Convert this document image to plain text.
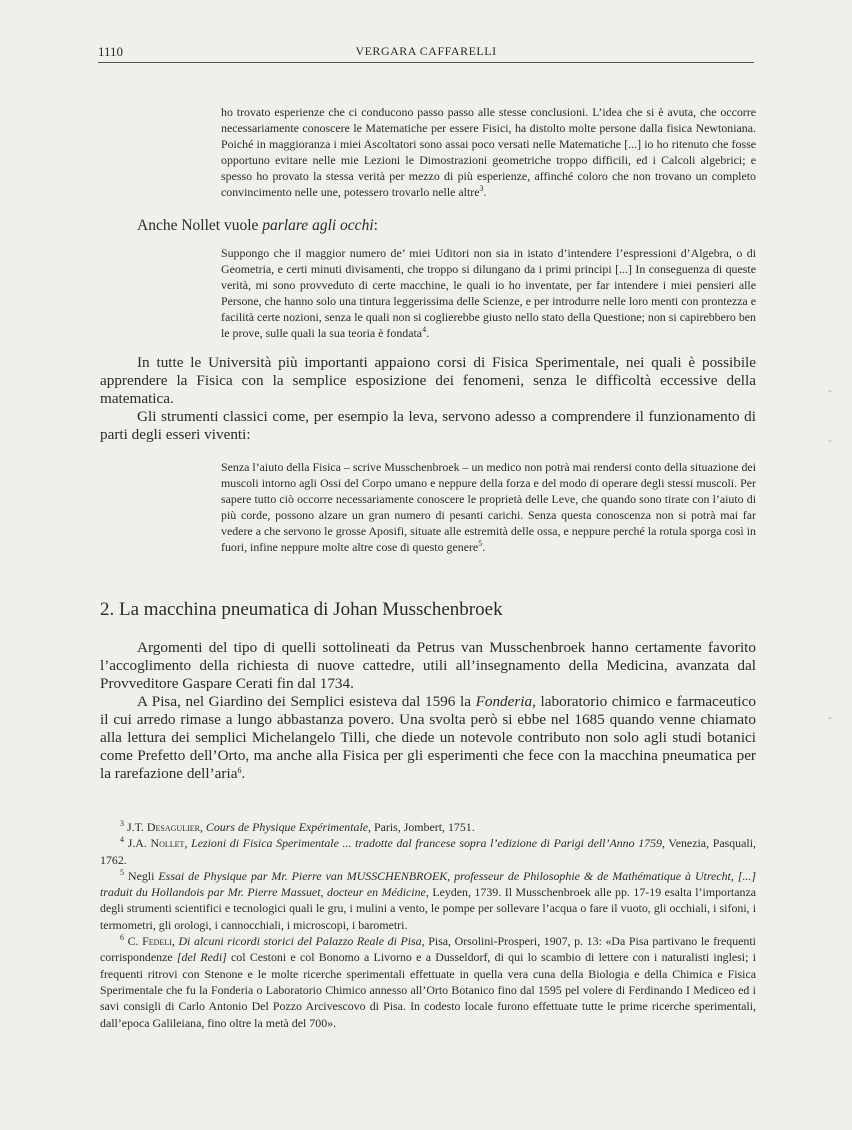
1110	VERGARA CAFFARELLI

ho trovato esperienze che ci conducono passo passo alle stesse conclusioni. L’idea che si è avuta, che occorre necessariamente conoscere le Matematiche per essere Fisici, ha distolto molte persone dalla fisica Newtoniana. Poiché in maggioranza i miei Ascoltatori sono assai poco versati nelle Matematiche [...] io ho ritenuto che fosse opportuno evitare nelle mie Lezioni le Dimostrazioni geometriche troppo difficili, ed i Calcoli algebrici; e spesso ho provato la stessa verità per mezzo di più esperienze, affinché coloro che non trovano un completo convincimento nelle une, potessero trovarlo nelle altre$^3$.

Anche Nollet vuole parlare agli occhi:

Suppongo che il maggior numero de’ miei Uditori non sia in istato d’intendere l’espressioni d’Algebra, o di Geometria, e certi minuti divisamenti, che troppo si dilungano da i primi principi [...] In conseguenza di queste verità, mi sono provveduto di certe macchine, le quali io ho inventate, per far intendere i miei pensieri alle Persone, che hanno solo una tintura leggerissima delle Scienze, e per introdurre nelle loro menti con prontezza e facilità certe nozioni, senza le quali non si coglierebbe giusto nello stato della Questione; non si capirebbero ben le prove, sulle quali la sua teoria è fondata$^4$.

In tutte le Università più importanti appaiono corsi di Fisica Sperimentale, nei quali è possibile apprendere la Fisica con la semplice esposizione dei fenomeni, senza le difficoltà eccessive della matematica.

Gli strumenti classici come, per esempio la leva, servono adesso a comprendere il funzionamento di parti degli esseri viventi:

Senza l’aiuto della Fisica – scrive Musschenbroek – un medico non potrà mai rendersi conto della situazione dei muscoli intorno agli Ossi del Corpo umano e neppure della forza e del modo di operare degli stessi muscoli. Per sapere tutto ciò occorre necessariamente conoscere le proprietà delle Leve, che quando sono tirate con l’aiuto di più corde, possono alzare un gran numero di pesanti carichi. Senza questa conoscenza non si potrà mai far vedere a che servono le grosse Aposifi, situate alle estremità delle ossa, e neppure perché la rotula sporga così in fuori, infine neppure molte altre cose di questo genere$^5$.

2. La macchina pneumatica di Johan Musschenbroek

Argomenti del tipo di quelli sottolineati da Petrus van Musschenbroek hanno certamente favorito l’accoglimento della richiesta di nuove cattedre, utili all’insegnamento della Medicina, avanzata dal Provveditore Gaspare Cerati fin dal 1734.

A Pisa, nel Giardino dei Semplici esisteva dal 1596 la Fonderia, laboratorio chimico e farmaceutico il cui arredo rimase a lungo abbastanza povero. Una svolta però si ebbe nel 1685 quando venne chiamato alla lettura dei semplici Michelangelo Tilli, che diede un notevole contributo non solo agli studi botanici come Prefetto dell’Orto, ma anche alla Fisica per gli esperimenti che fece con la macchina pneumatica per la rarefazione dell’aria$^6$.

$^3$ J.T. Desagulier, Cours de Physique Expérimentale, Paris, Jombert, 1751.

$^4$ J.A. Nollet, Lezioni di Fisica Sperimentale ... tradotte dal francese sopra l’edizione di Parigi dell’Anno 1759, Venezia, Pasquali, 1762.

$^5$ Negli Essai de Physique par Mr. Pierre van MUSSCHENBROEK, professeur de Philosophie & de Mathématique à Utrecht, [...] traduit du Hollandois par Mr. Pierre Massuet, docteur en Médicine, Leyden, 1739. Il Musschenbroek alle pp. 17-19 esalta l’importanza degli strumenti scientifici e tecnologici quali le gru, i mulini a vento, le pompe per sollevare l’acqua o fare il vuoto, gli occhiali, i sifoni, i termometri, gli orologi, i cannocchiali, i microscopi, i barometri.

$^6$ C. Fedeli, Di alcuni ricordi storici del Palazzo Reale di Pisa, Pisa, Orsolini-Prosperi, 1907, p. 13: «Da Pisa partivano le frequenti corrispondenze [del Redi] col Cestoni e col Bonomo a Livorno e a Dusseldorf, di qui lo scambio di lettere con i naturalisti inglesi; i frequenti ritrovi con Stenone e le molte ricerche sperimentali effettuate in quella vera cuna della Biologia e della Chimica e Fisica Sperimentale che fu la Fonderia o Laboratorio Chimico annesso all’Orto Botanico fino dal 1595 pel volere di Ferdinando I Mediceo ed i savi consigli di Carlo Antonio Del Pozzo Arcivescovo di Pisa. In codesto locale furono effettuate tutte le prime ricerche sperimentali, dall’epoca Galileiana, fino oltre la metà del 700».

-
-
-
